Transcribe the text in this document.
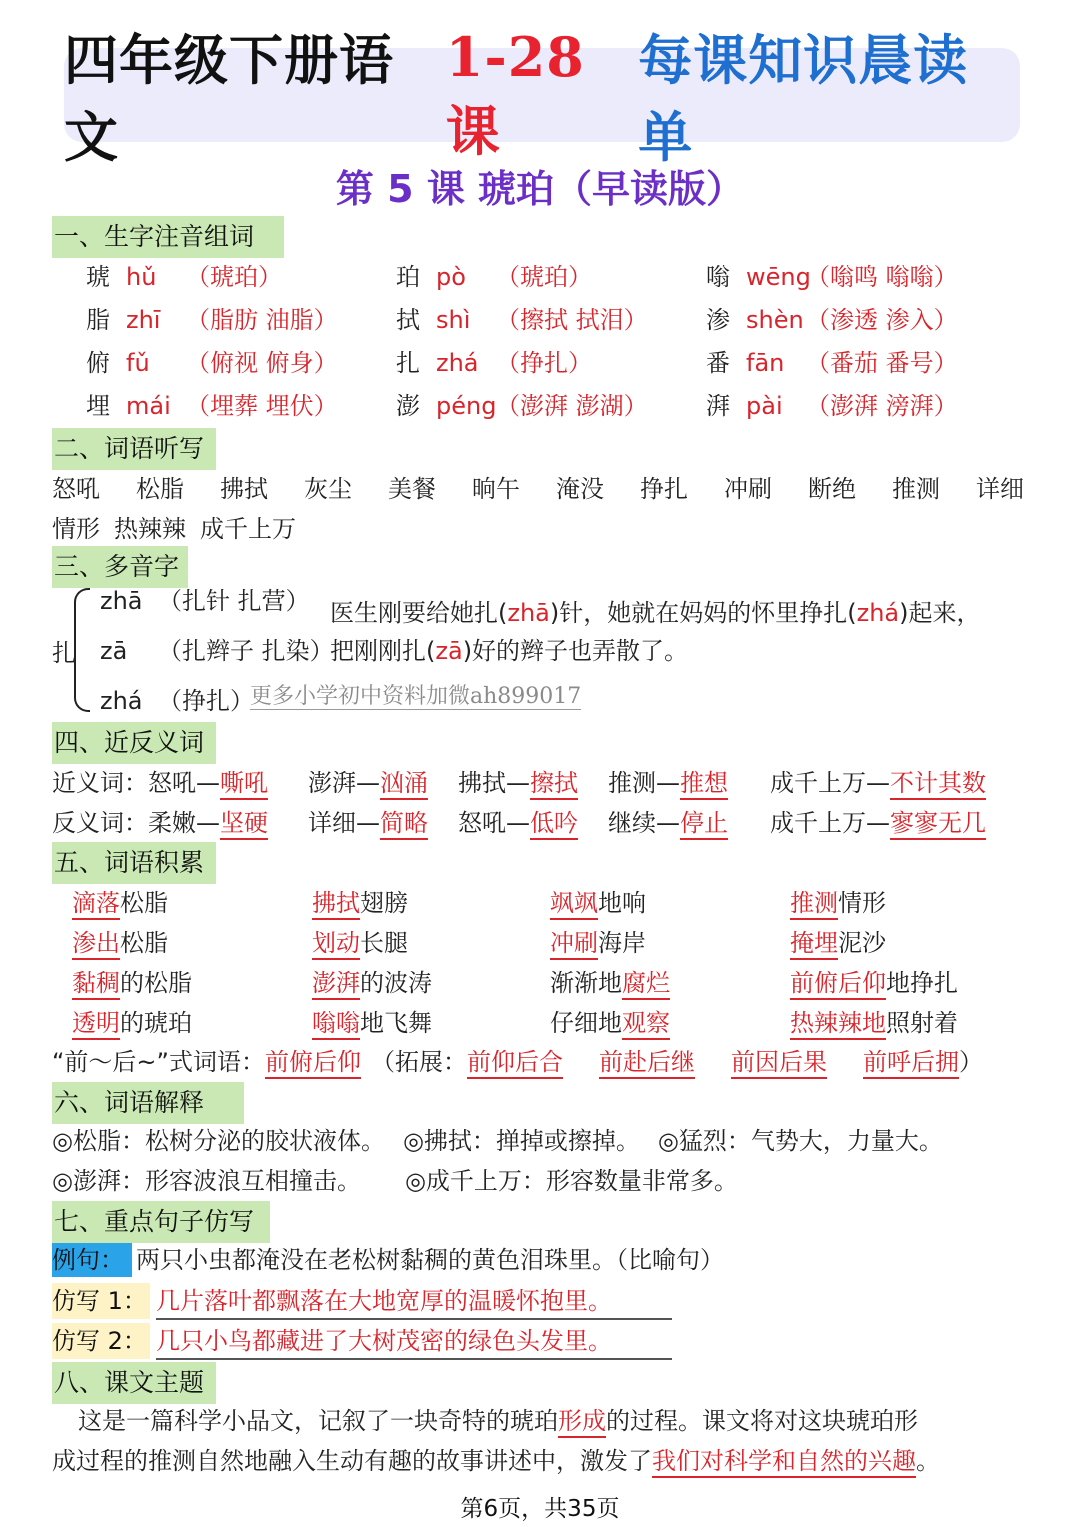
四年级下册语文
1-28课
每课知识晨读单
第 5 课 琥珀（早读版）
一、生字注音组词
琥 hǔ （琥珀）	珀 pò （琥珀）	嗡 wēng（嗡鸣 嗡嗡）
脂 zhī （脂肪 油脂） 拭 shì （擦拭 拭泪） 渗 shèn（渗透 渗入）
俯 fǔ （俯视 俯身） 扎 zhá （挣扎）	番 fān （番茄 番号）
埋 mái （埋葬 埋伏） 澎 péng（澎湃 澎湖） 湃 pài （澎湃 滂湃）
二、词语听写
怒吼 松脂 拂拭 灰尘 美餐 晌午 淹没 挣扎 冲刷 断绝 推测 详细
情形 热辣辣 成千上万
三、多音字
扎
zhā （扎针 扎营）
zā （扎辫子 扎染）
zhá （挣扎）
医生刚要给她扎(zhā)针，她就在妈妈的怀里挣扎(zhá)起来，
把刚刚扎(zā)好的辫子也弄散了。
更多小学初中资料加微ah899017
四、近反义词
近义词：怒吼—嘶吼 澎湃—汹涌 拂拭—擦拭 推测—推想 成千上万—不计其数
反义词：柔嫩—坚硬 详细—简略 怒吼—低吟 继续—停止 成千上万—寥寥无几
五、词语积累
滴落松脂	拂拭翅膀	飒飒地响	推测情形
渗出松脂	划动长腿	冲刷海岸	掩埋泥沙
黏稠的松脂	澎湃的波涛	渐渐地腐烂	前俯后仰地挣扎
透明的琥珀	嗡嗡地飞舞	仔细地观察	热辣辣地照射着
“前～后~”式词语：前俯后仰 （拓展：前仰后合 前赴后继 前因后果 前呼后拥）
六、词语解释
◎松脂：松树分泌的胶状液体。 ◎拂拭：掸掉或擦掉。 ◎猛烈：气势大，力量大。
◎澎湃：形容波浪互相撞击。 ◎成千上万：形容数量非常多。
七、重点句子仿写
例句： 两只小虫都淹没在老松树黏稠的黄色泪珠里。（比喻句）
仿写 1： 几片落叶都飘落在大地宽厚的温暖怀抱里。
仿写 2： 几只小鸟都藏进了大树茂密的绿色头发里。
八、课文主题
这是一篇科学小品文，记叙了一块奇特的琥珀形成的过程。课文将对这块琥珀形
成过程的推测自然地融入生动有趣的故事讲述中，激发了我们对科学和自然的兴趣。
第6页，共35页
